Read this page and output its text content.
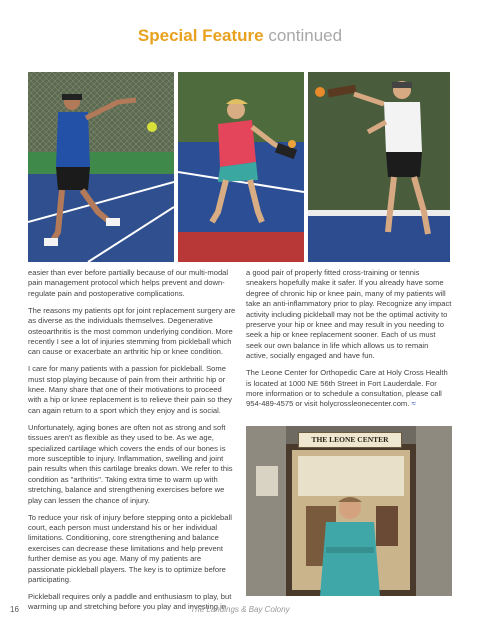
Special Feature continued

easier than ever before partially because of our multi-modal pain management protocol which helps prevent and down-regulate pain and postoperative complications.

The reasons my patients opt for joint replacement surgery are as diverse as the individuals themselves. Degenerative osteoarthritis is the most common underlying condition. More recently I see a lot of injuries stemming from pickleball which can cause or exacerbate an arthritic hip or knee condition.

I care for many patients with a passion for pickleball. Some must stop playing because of pain from their arthritic hip or knee. Many share that one of their motivations to proceed with a hip or knee replacement is to relieve their pain so they can again return to a sport which they enjoy and is social.

Unfortunately, aging bones are often not as strong and soft tissues aren't as flexible as they used to be. As we age, specialized cartilage which covers the ends of our bones is more susceptible to injury. Inflammation, swelling and joint pain results when this cartilage breaks down. We refer to this condition as "arthritis". Taking extra time to warm up with stretching, balance and strengthening exercises before we play can lessen the chance of injury.

To reduce your risk of injury before stepping onto a pickleball court, each person must understand his or her individual limitations. Conditioning, core strengthening and balance exercises can decrease these limitations and help prevent further demise as you age. Many of my patients are passionate pickleball players. The key is to optimize before participating.

Pickleball requires only a paddle and enthusiasm to play, but warming up and stretching before you play and investing in

a good pair of properly fitted cross-training or tennis sneakers hopefully make it safer. If you already have some degree of chronic hip or knee pain, many of my patients will take an anti-inflammatory prior to play. Recognize any impact activity including pickleball may not be the optimal activity to preserve your hip or knee and may result in you needing to seek a hip or knee replacement sooner. Each of us must seek our own balance in life which allows us to remain active, socially engaged and have fun.

The Leone Center for Orthopedic Care at Holy Cross Health is located at 1000 NE 56th Street in Fort Lauderdale. For more information or to schedule a consultation, please call 954-489-4575 or visit holycrossleonecenter.com. ≈

THE LEONE CENTER
16	The Landings & Bay Colony
